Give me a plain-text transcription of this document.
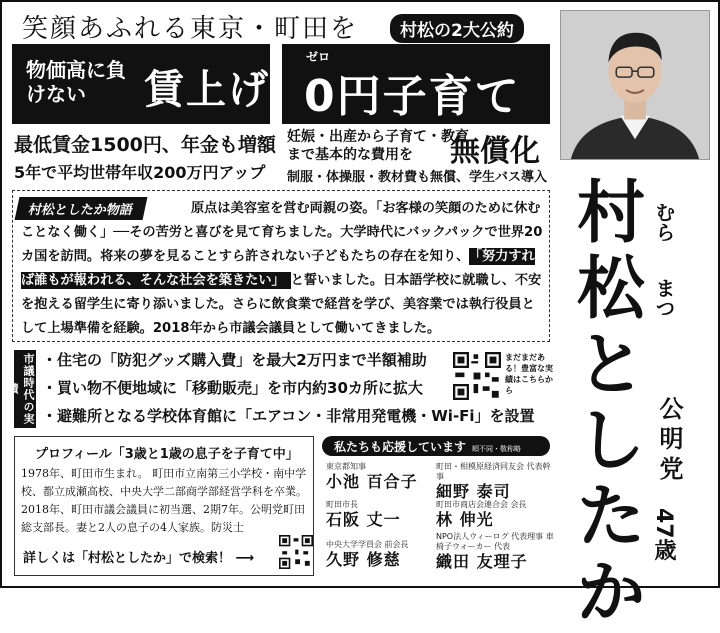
笑顔あふれる東京・町田を	村松の2大公約
物価高に負けない	賃上げ
ゼロ
0円子育て
最低賃金1500円、年金も増額
5年で平均世帯年収200万円アップ
妊娠・出産から子育て・教育まで基本的な費用を	無償化
制服・体操服・教材費も無償、学生バス導入
村松としたか物語	原点は美容室を営む両親の姿。「お客様の笑顔のために休むことなく働く」──その苦労と喜びを見て育ちました。大学時代にバックパックで世界20カ国を訪問。将来の夢を見ることすら許されない子どもたちの存在を知り、 「努力すれば誰もが報われる、そんな社会を築きたい」 と誓いました。日本語学校に就職し、不安を抱える留学生に寄り添いました。さらに飲食業で経営を学び、美容業では執行役員として上場準備を経験。2018年から市議会議員として働いてきました。
市議時代の実績
・住宅の「防犯グッズ購入費」を最大2万円まで半額補助
・買い物不便地域に「移動販売」を市内約30カ所に拡大
・避難所となる学校体育館に「エアコン・非常用発電機・Wi-Fi」を設置
まだまだある！豊富な実績はこちらから
プロフィール「3歳と1歳の息子を子育て中」
1978年、町田市生まれ。 町田市立南第三小学校・南中学校、都立成瀬高校、中央大学二部商学部経営学科を卒業。2018年、町田市議会議員に初当選、2期7年。公明党町田総支部長。妻と2人の息子の4人家族。防災士
詳しくは「村松としたか」で検索！ ⟶
私たちも応援しています 順不同・敬称略
東京都知事
小池 百合子
町田・相模原経済同友会 代表幹事
細野 泰司
町田市長
石阪 丈一
町田市商店会連合会 会長
林 伸光
中央大学学員会 前会長
久野 修慈
NPO法人ウィーログ 代表理事 車椅子ウォーカー 代表
織田 友理子
村
松
と
し
た
か
むら
まつ
公明党
47歳
